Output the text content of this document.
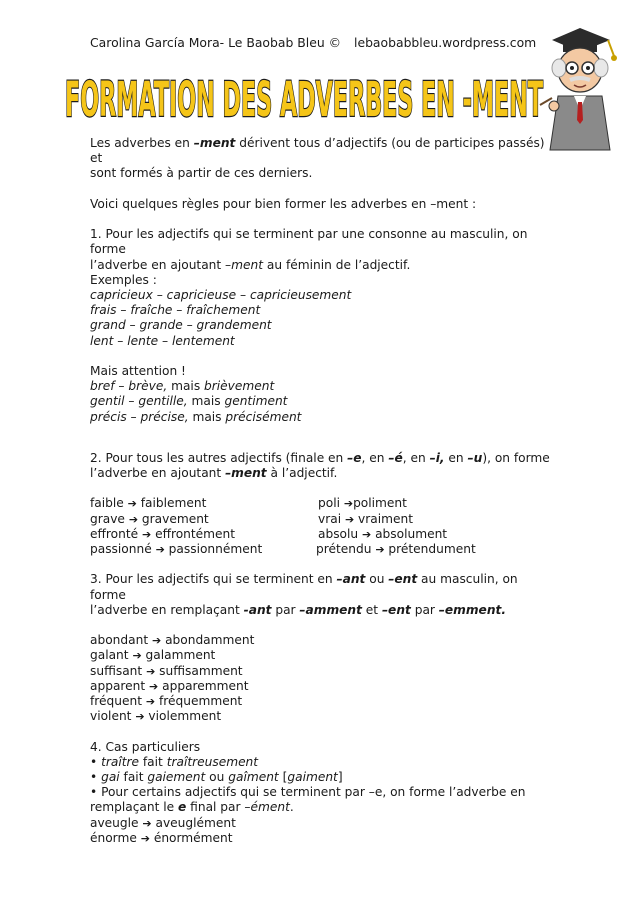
Carolina García Mora- Le Baobab Bleu © lebaobabbleu.wordpress.com
FORMATION DES ADVERBES EN -MENT

Les adverbes en –ment dérivent tous d’adjectifs (ou de participes passés) et

sont formés à partir de ces derniers.

Voici quelques règles pour bien former les adverbes en –ment :

1. Pour les adjectifs qui se terminent par une consonne au masculin, on forme

l’adverbe en ajoutant –ment au féminin de l’adjectif.

Exemples :

capricieux – capricieuse – capricieusement

frais – fraîche – fraîchement

grand – grande – grandement

lent – lente – lentement

Mais attention !

bref – brève, mais brièvement

gentil – gentille, mais gentiment

précis – précise, mais précisément

2. Pour tous les autres adjectifs (finale en –e, en –é, en –i, en –u), on forme

l’adverbe en ajoutant –ment à l’adjectif.

faible ➔ faiblement	poli ➔poliment
grave ➔ gravement	vrai ➔ vraiment
effronté ➔ effrontément	absolu ➔ absolument
passionné ➔ passionnément	prétendu ➔ prétendument

3. Pour les adjectifs qui se terminent en –ant ou –ent au masculin, on forme

l’adverbe en remplaçant -ant par –amment et –ent par –emment.

abondant ➔ abondamment

galant ➔ galamment

suffisant ➔ suffisamment

apparent ➔ apparemment

fréquent ➔ fréquemment

violent ➔ violemment

4. Cas particuliers

• traître fait traîtreusement

• gai fait gaiement ou gaîment [gaiment]

• Pour certains adjectifs qui se terminent par –e, on forme l’adverbe en

remplaçant le e final par –ément.

aveugle ➔ aveuglément

énorme ➔ énormément
